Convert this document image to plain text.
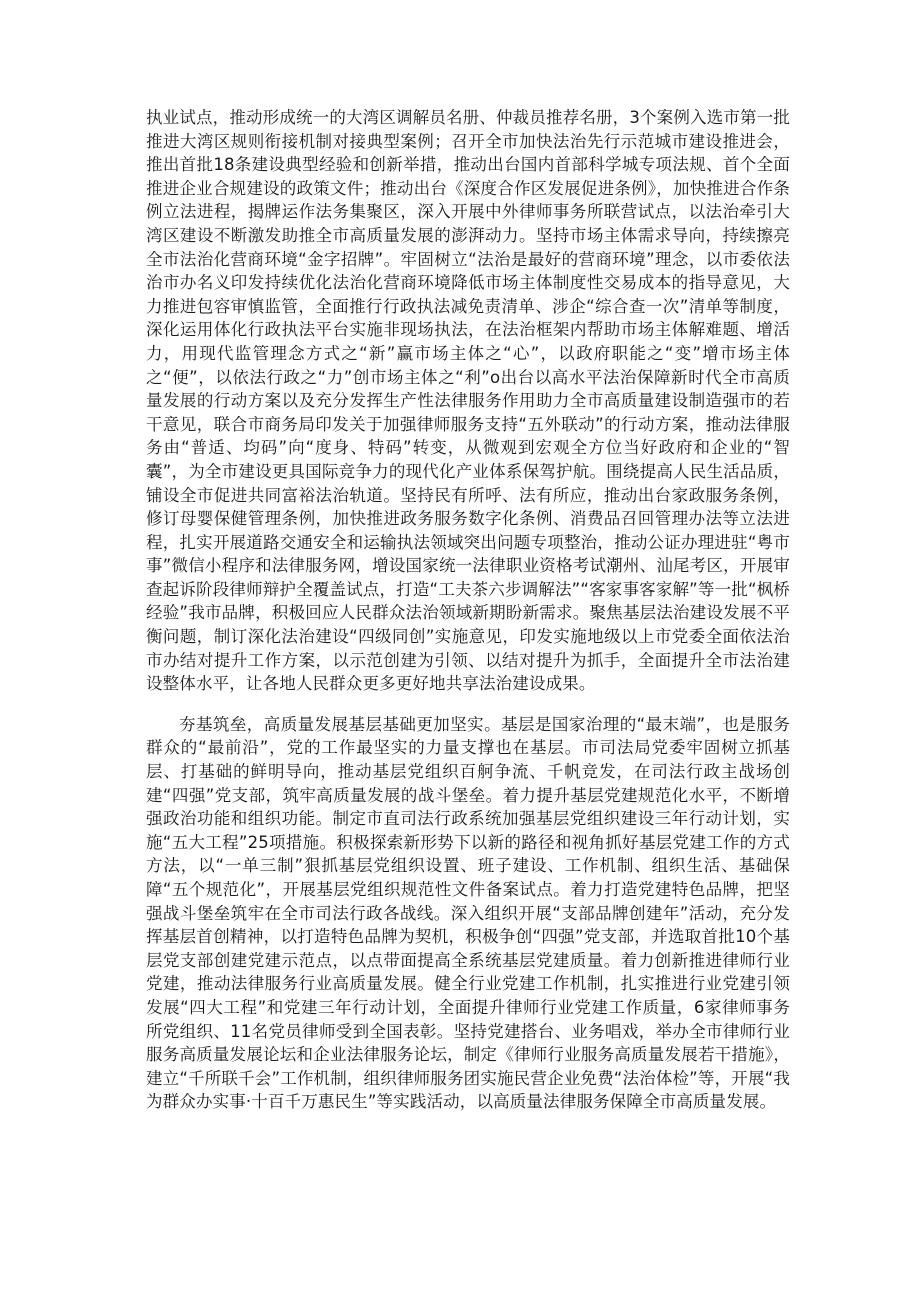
执业试点，推动形成统一的大湾区调解员名册、仲裁员推荐名册，3个案例入选市第一批推进大湾区规则衔接机制对接典型案例；召开全市加快法治先行示范城市建设推进会，推出首批18条建设典型经验和创新举措，推动出台国内首部科学城专项法规、首个全面推进企业合规建设的政策文件；推动出台《深度合作区发展促进条例》，加快推进合作条例立法进程，揭牌运作法务集聚区，深入开展中外律师事务所联营试点，以法治牵引大湾区建设不断激发助推全市高质量发展的澎湃动力。坚持市场主体需求导向，持续擦亮全市法治化营商环境“金字招牌”。牢固树立“法治是最好的营商环境”理念，以市委依法治市办名义印发持续优化法治化营商环境降低市场主体制度性交易成本的指导意见，大力推进包容审慎监管，全面推行行政执法减免责清单、涉企“综合查一次”清单等制度，深化运用体化行政执法平台实施非现场执法，在法治框架内帮助市场主体解难题、增活力，用现代监管理念方式之“新”赢市场主体之“心”，以政府职能之“变”增市场主体之“便”，以依法行政之“力”创市场主体之“利”o出台以高水平法治保障新时代全市高质量发展的行动方案以及充分发挥生产性法律服务作用助力全市高质量建设制造强市的若干意见，联合市商务局印发关于加强律师服务支持“五外联动”的行动方案，推动法律服务由“普适、均码”向“度身、特码”转变，从微观到宏观全方位当好政府和企业的“智囊”，为全市建设更具国际竞争力的现代化产业体系保驾护航。围绕提高人民生活品质，铺设全市促进共同富裕法治轨道。坚持民有所呼、法有所应，推动出台家政服务条例，修订母婴保健管理条例，加快推进政务服务数字化条例、消费品召回管理办法等立法进程，扎实开展道路交通安全和运输执法领域突出问题专项整治，推动公证办理进驻“粤市事”微信小程序和法律服务网，增设国家统一法律职业资格考试潮州、汕尾考区，开展审查起诉阶段律师辩护全覆盖试点，打造“工夫茶六步调解法”“客家事客家解”等一批“枫桥经验”我市品牌，积极回应人民群众法治领域新期盼新需求。聚焦基层法治建设发展不平衡问题，制订深化法治建设“四级同创”实施意见，印发实施地级以上市党委全面依法治市办结对提升工作方案，以示范创建为引领、以结对提升为抓手，全面提升全市法治建设整体水平，让各地人民群众更多更好地共享法治建设成果。

夯基筑垒，高质量发展基层基础更加坚实。基层是国家治理的“最末端”，也是服务群众的“最前沿”，党的工作最坚实的力量支撑也在基层。市司法局党委牢固树立抓基层、打基础的鲜明导向，推动基层党组织百舸争流、千帆竞发，在司法行政主战场创建“四强”党支部，筑牢高质量发展的战斗堡垒。着力提升基层党建规范化水平，不断增强政治功能和组织功能。制定市直司法行政系统加强基层党组织建设三年行动计划，实施“五大工程”25项措施。积极探索新形势下以新的路径和视角抓好基层党建工作的方式方法，以“一单三制”狠抓基层党组织设置、班子建设、工作机制、组织生活、基础保障“五个规范化”，开展基层党组织规范性文件备案试点。着力打造党建特色品牌，把坚强战斗堡垒筑牢在全市司法行政各战线。深入组织开展“支部品牌创建年”活动，充分发挥基层首创精神，以打造特色品牌为契机，积极争创“四强”党支部，并选取首批10个基层党支部创建党建示范点，以点带面提高全系统基层党建质量。着力创新推进律师行业党建，推动法律服务行业高质量发展。健全行业党建工作机制，扎实推进行业党建引领发展“四大工程”和党建三年行动计划，全面提升律师行业党建工作质量，6家律师事务所党组织、11名党员律师受到全国表彰。坚持党建搭台、业务唱戏，举办全市律师行业服务高质量发展论坛和企业法律服务论坛，制定《律师行业服务高质量发展若干措施》，建立“千所联千会”工作机制，组织律师服务团实施民营企业免费“法治体检”等，开展“我为群众办实事·十百千万惠民生”等实践活动，以高质量法律服务保障全市高质量发展。
